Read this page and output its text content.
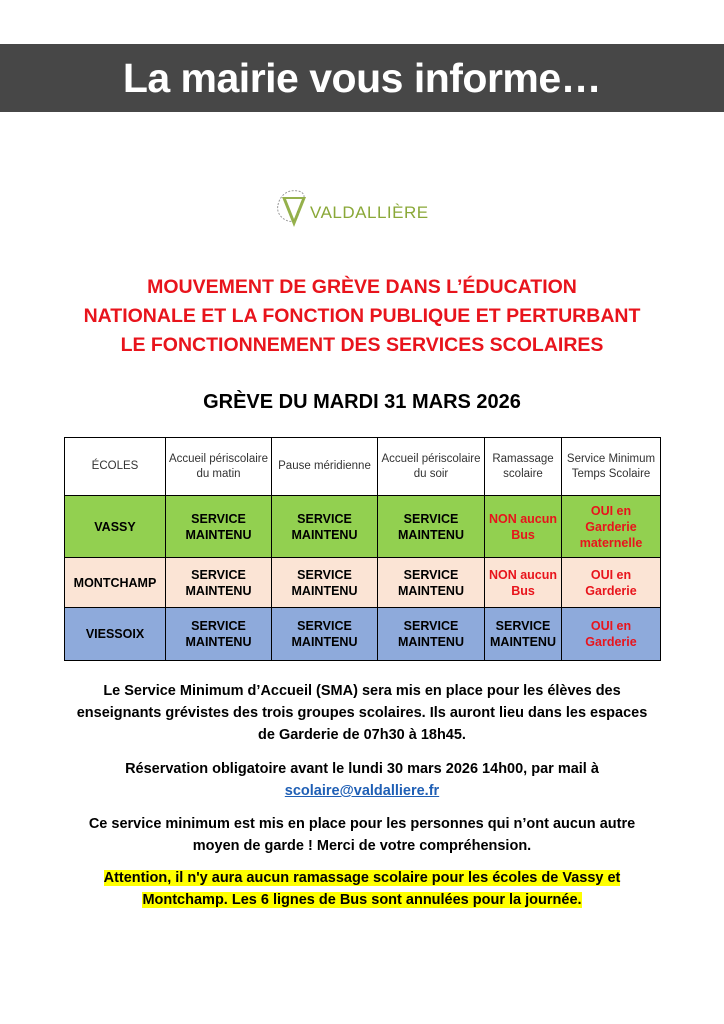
La mairie vous informe…
VALDALLIÈRE
MOUVEMENT DE GRÈVE DANS L’ÉDUCATION
NATIONALE ET LA FONCTION PUBLIQUE ET PERTURBANT
LE FONCTIONNEMENT DES SERVICES SCOLAIRES
GRÈVE DU MARDI 31 MARS 2026
ÉCOLES	Accueil périscolaire du matin	Pause méridienne	Accueil périscolaire du soir	Ramassage scolaire	Service Minimum Temps Scolaire
VASSY	SERVICE MAINTENU	SERVICE MAINTENU	SERVICE MAINTENU	NON aucun Bus	OUI en Garderie maternelle
MONTCHAMP	SERVICE MAINTENU	SERVICE MAINTENU	SERVICE MAINTENU	NON aucun Bus	OUI en Garderie
VIESSOIX	SERVICE MAINTENU	SERVICE MAINTENU	SERVICE MAINTENU	SERVICE MAINTENU	OUI en Garderie
Le Service Minimum d’Accueil (SMA) sera mis en place pour les élèves des
enseignants grévistes des trois groupes scolaires. Ils auront lieu dans les espaces
de Garderie de 07h30 à 18h45.
Réservation obligatoire avant le lundi 30 mars 2026 14h00, par mail à
scolaire@valdalliere.fr
Ce service minimum est mis en place pour les personnes qui n’ont aucun autre
moyen de garde ! Merci de votre compréhension.
Attention, il n'y aura aucun ramassage scolaire pour les écoles de Vassy et
Montchamp. Les 6 lignes de Bus sont annulées pour la journée.
